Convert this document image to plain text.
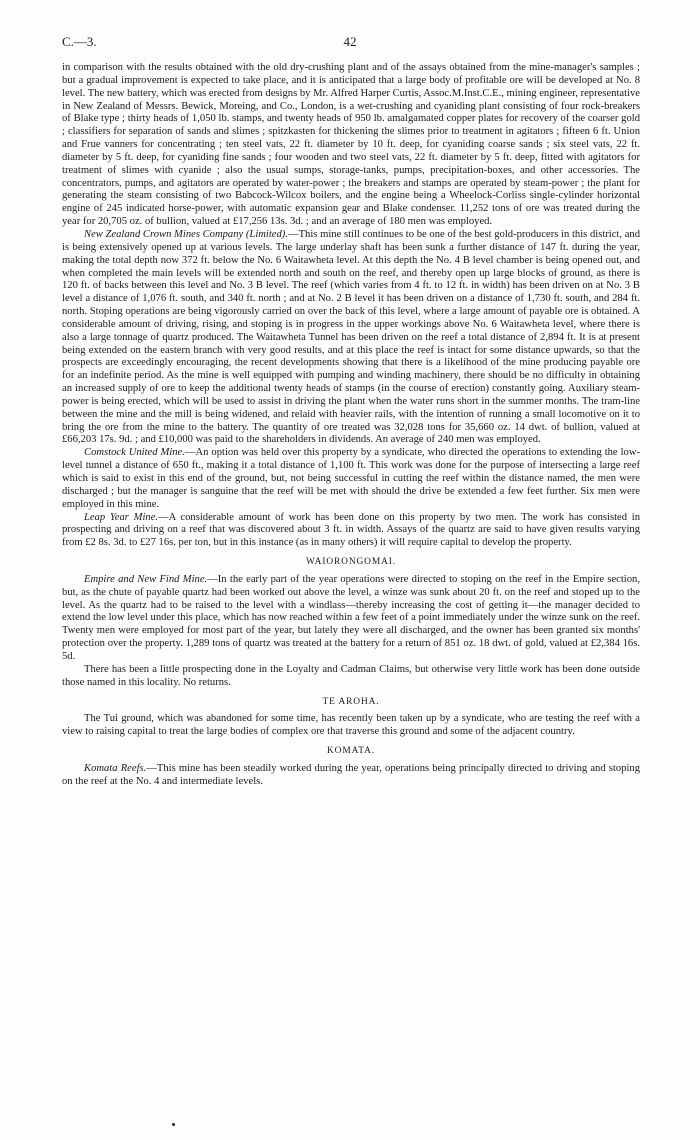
C.—3.	42

in comparison with the results obtained with the old dry-crushing plant and of the assays obtained from the mine-manager's samples ; but a gradual improvement is expected to take place, and it is anticipated that a large body of profitable ore will be developed at No. 8 level. The new battery, which was erected from designs by Mr. Alfred Harper Curtis, Assoc.M.Inst.C.E., mining engineer, representative in New Zealand of Messrs. Bewick, Moreing, and Co., London, is a wet-crushing and cyaniding plant consisting of four rock-breakers of Blake type ; thirty heads of 1,050 lb. stamps, and twenty heads of 950 lb. amalgamated copper plates for recovery of the coarser gold ; classifiers for separation of sands and slimes ; spitzkasten for thickening the slimes prior to treatment in agitators ; fifteen 6 ft. Union and Frue vanners for concentrating ; ten steel vats, 22 ft. diameter by 10 ft. deep, for cyaniding coarse sands ; six steel vats, 22 ft. diameter by 5 ft. deep, for cyaniding fine sands ; four wooden and two steel vats, 22 ft. diameter by 5 ft. deep, fitted with agitators for treatment of slimes with cyanide ; also the usual sumps, storage-tanks, pumps, precipitation-boxes, and other accessories. The concentrators, pumps, and agitators are operated by water-power ; the breakers and stamps are operated by steam-power ; the plant for generating the steam consisting of two Babcock-Wilcox boilers, and the engine being a Wheelock-Corliss single-cylinder horizontal engine of 245 indicated horse-power, with automatic expansion gear and Blake condenser. 11,252 tons of ore was treated during the year for 20,705 oz. of bullion, valued at £17,256 13s. 3d. ; and an average of 180 men was employed.

New Zealand Crown Mines Company (Limited).—This mine still continues to be one of the best gold-producers in this district, and is being extensively opened up at various levels. The large underlay shaft has been sunk a further distance of 147 ft. during the year, making the total depth now 372 ft. below the No. 6 Waitawheta level. At this depth the No. 4 B level chamber is being opened out, and when completed the main levels will be extended north and south on the reef, and thereby open up large blocks of ground, as there is 120 ft. of backs between this level and No. 3 B level. The reef (which varies from 4 ft. to 12 ft. in width) has been driven on at No. 3 B level a distance of 1,076 ft. south, and 340 ft. north ; and at No. 2 B level it has been driven on a distance of 1,730 ft. south, and 284 ft. north. Stoping operations are being vigorously carried on over the back of this level, where a large amount of payable ore is obtained. A considerable amount of driving, rising, and stoping is in progress in the upper workings above No. 6 Waitawheta level, where there is also a large tonnage of quartz produced. The Waitawheta Tunnel has been driven on the reef a total distance of 2,894 ft. It is at present being extended on the eastern branch with very good results, and at this place the reef is intact for some distance upwards, so that the prospects are exceedingly encouraging, the recent developments showing that there is a likelihood of the mine producing payable ore for an indefinite period. As the mine is well equipped with pumping and winding machinery, there should be no difficulty in obtaining an increased supply of ore to keep the additional twenty heads of stamps (in the course of erection) constantly going. Auxiliary steam-power is being erected, which will be used to assist in driving the plant when the water runs short in the summer months. The tram-line between the mine and the mill is being widened, and relaid with heavier rails, with the intention of running a small locomotive on it to bring the ore from the mine to the battery. The quantity of ore treated was 32,028 tons for 35,660 oz. 14 dwt. of bullion, valued at £66,203 17s. 9d. ; and £10,000 was paid to the shareholders in dividends. An average of 240 men was employed.

Comstock United Mine.—An option was held over this property by a syndicate, who directed the operations to extending the low-level tunnel a distance of 650 ft., making it a total distance of 1,100 ft. This work was done for the purpose of intersecting a large reef which is said to exist in this end of the ground, but, not being successful in cutting the reef within the distance named, the men were discharged ; but the manager is sanguine that the reef will be met with should the drive be extended a few feet further. Six men were employed in this mine.

Leap Year Mine.—A considerable amount of work has been done on this property by two men. The work has consisted in prospecting and driving on a reef that was discovered about 3 ft. in width. Assays of the quartz are said to have given results varying from £2 8s. 3d. to £27 16s. per ton, but in this instance (as in many others) it will require capital to develop the property.

WAIORONGOMAI.

Empire and New Find Mine.—In the early part of the year operations were directed to stoping on the reef in the Empire section, but, as the chute of payable quartz had been worked out above the level, a winze was sunk about 20 ft. on the reef and stoped up to the level. As the quartz had to be raised to the level with a windlass—thereby increasing the cost of getting it—the manager decided to extend the low level under this place, which has now reached within a few feet of a point immediately under the winze sunk on the reef. Twenty men were employed for most part of the year, but lately they were all discharged, and the owner has been granted six months' protection over the property. 1,289 tons of quartz was treated at the battery for a return of 851 oz. 18 dwt. of gold, valued at £2,384 16s. 5d.

There has been a little prospecting done in the Loyalty and Cadman Claims, but otherwise very little work has been done outside those named in this locality. No returns.

TE AROHA.

The Tui ground, which was abandoned for some time, has recently been taken up by a syndicate, who are testing the reef with a view to raising capital to treat the large bodies of complex ore that traverse this ground and some of the adjacent country.

KOMATA.

Komata Reefs.—This mine has been steadily worked during the year, operations being principally directed to driving and stoping on the reef at the No. 4 and intermediate levels.
